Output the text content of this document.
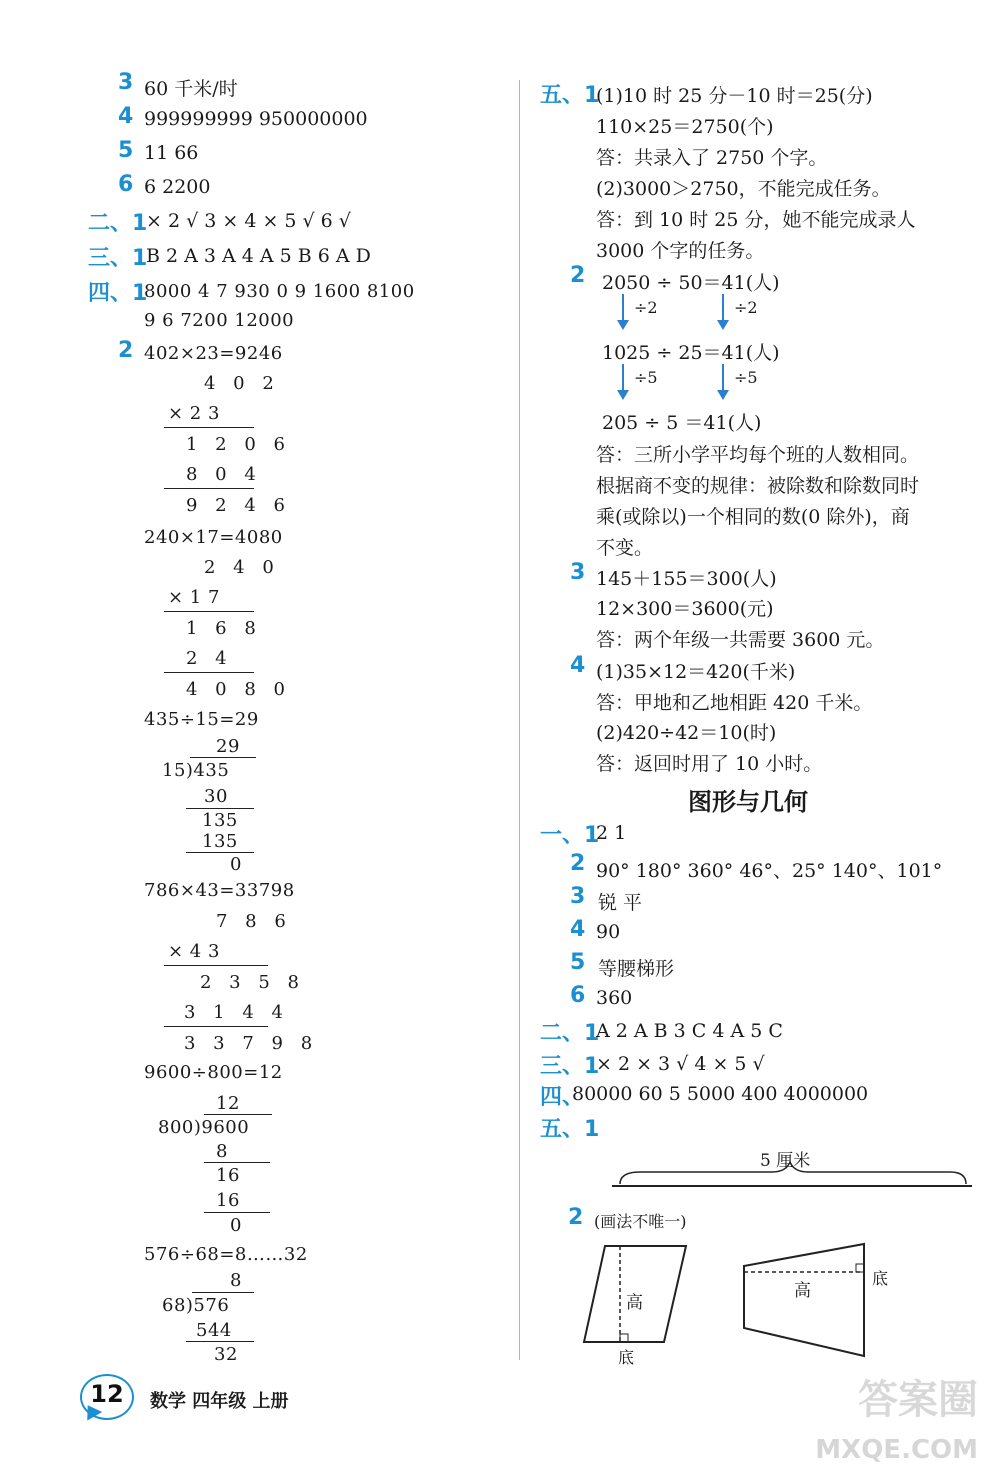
3 60 千米/时
4 999999999 950000000
5 11 66
6 6 2200
二、1
× 2 √ 3 × 4 × 5 √ 6 √
三、1
B 2 A 3 A 4 A 5 B 6 A D
四、1
8000 4 7 930 0 9 1600 8100
9 6 7200 12000
2 402×23=9246
4 0 2
× 2 3
1 2 0 6
8 0 4
9 2 4 6
240×17=4080
2 4 0
× 1 7
1 6 8
2 4
4 0 8 0
435÷15=29
29
15)435
30
135
135
0
786×43=33798
7 8 6
× 4 3
2 3 5 8
3 1 4 4
3 3 7 9 8
9600÷800=12
12
800)9600
8
16
16
0
576÷68=8……32
8
68)576
544
32
五、1
(1)10 时 25 分－10 时＝25(分)
110×25＝2750(个)
答：共录入了 2750 个字。
(2)3000＞2750，不能完成任务。
答：到 10 时 25 分，她不能完成录人
3000 个字的任务。
2 2050 ÷ 50＝41(人)
÷2	÷2
1025 ÷ 25＝41(人)
÷5	÷5
205 ÷ 5 ＝41(人)
答：三所小学平均每个班的人数相同。
根据商不变的规律：被除数和除数同时
乘(或除以)一个相同的数(0 除外)，商
不变。
3 145＋155＝300(人)
12×300＝3600(元)
答：两个年级一共需要 3600 元。
4 (1)35×12＝420(千米)
答：甲地和乙地相距 420 千米。
(2)420÷42＝10(时)
答：返回时用了 10 小时。
图形与几何
一、1
2 1
2 90° 180° 360° 46°、25° 140°、101°
3 锐 平
4 90
5 等腰梯形
6 360
二、1
A 2 A B 3 C 4 A 5 C
三、1
× 2 × 3 √ 4 × 5 √
四、
80000 60 5 5000 400 4000000
五、1
5 厘米
2 (画法不唯一)
高
底
高
底
12	数学 四年级 上册	答案圈
MXQE.COM
